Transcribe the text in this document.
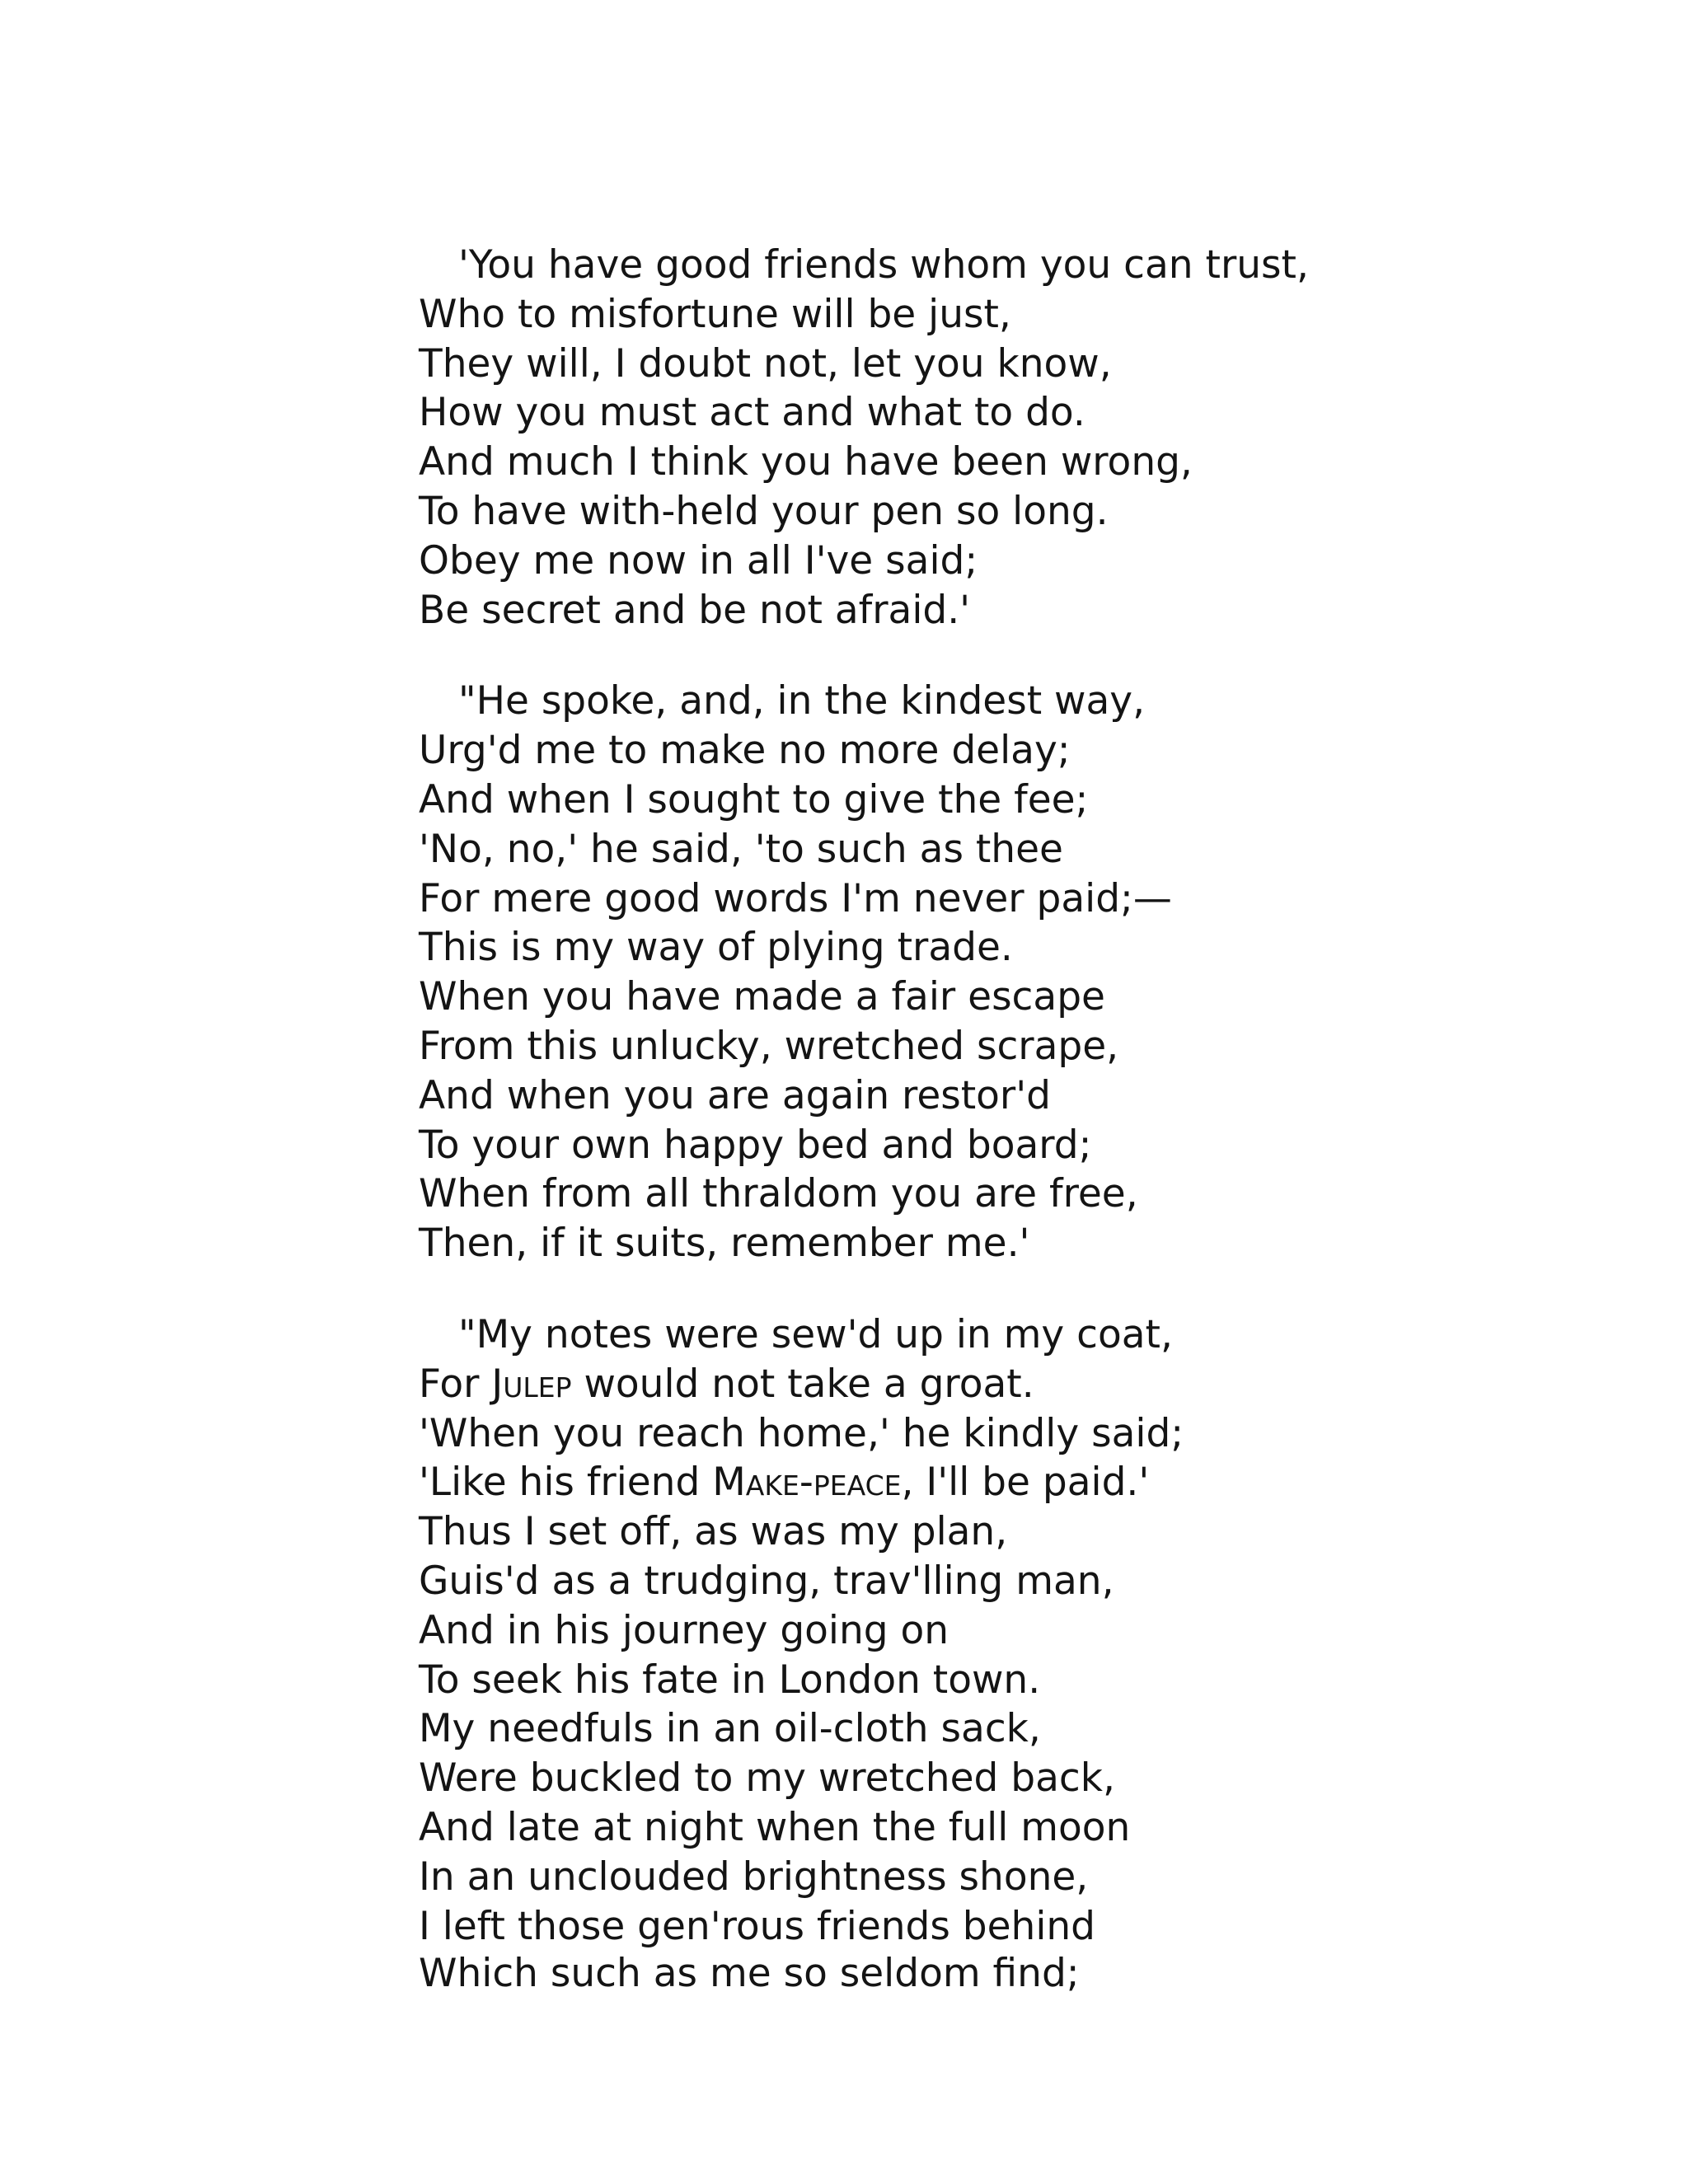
'You have good friends whom you can trust,
Who to misfortune will be just,
They will, I doubt not, let you know,
How you must act and what to do.
And much I think you have been wrong,
To have with-held your pen so long.
Obey me now in all I've said;
Be secret and be not afraid.'
"He spoke, and, in the kindest way,
Urg'd me to make no more delay;
And when I sought to give the fee;
'No, no,' he said, 'to such as thee
For mere good words I'm never paid;—
This is my way of plying trade.
When you have made a fair escape
From this unlucky, wretched scrape,
And when you are again restor'd
To your own happy bed and board;
When from all thraldom you are free,
Then, if it suits, remember me.'
"My notes were sew'd up in my coat,
For Julep would not take a groat.
'When you reach home,' he kindly said;
'Like his friend Make-peace, I'll be paid.'
Thus I set off, as was my plan,
Guis'd as a trudging, trav'lling man,
And in his journey going on
To seek his fate in London town.
My needfuls in an oil-cloth sack,
Were buckled to my wretched back,
And late at night when the full moon
In an unclouded brightness shone,
I left those gen'rous friends behind
Which such as me so seldom find;
